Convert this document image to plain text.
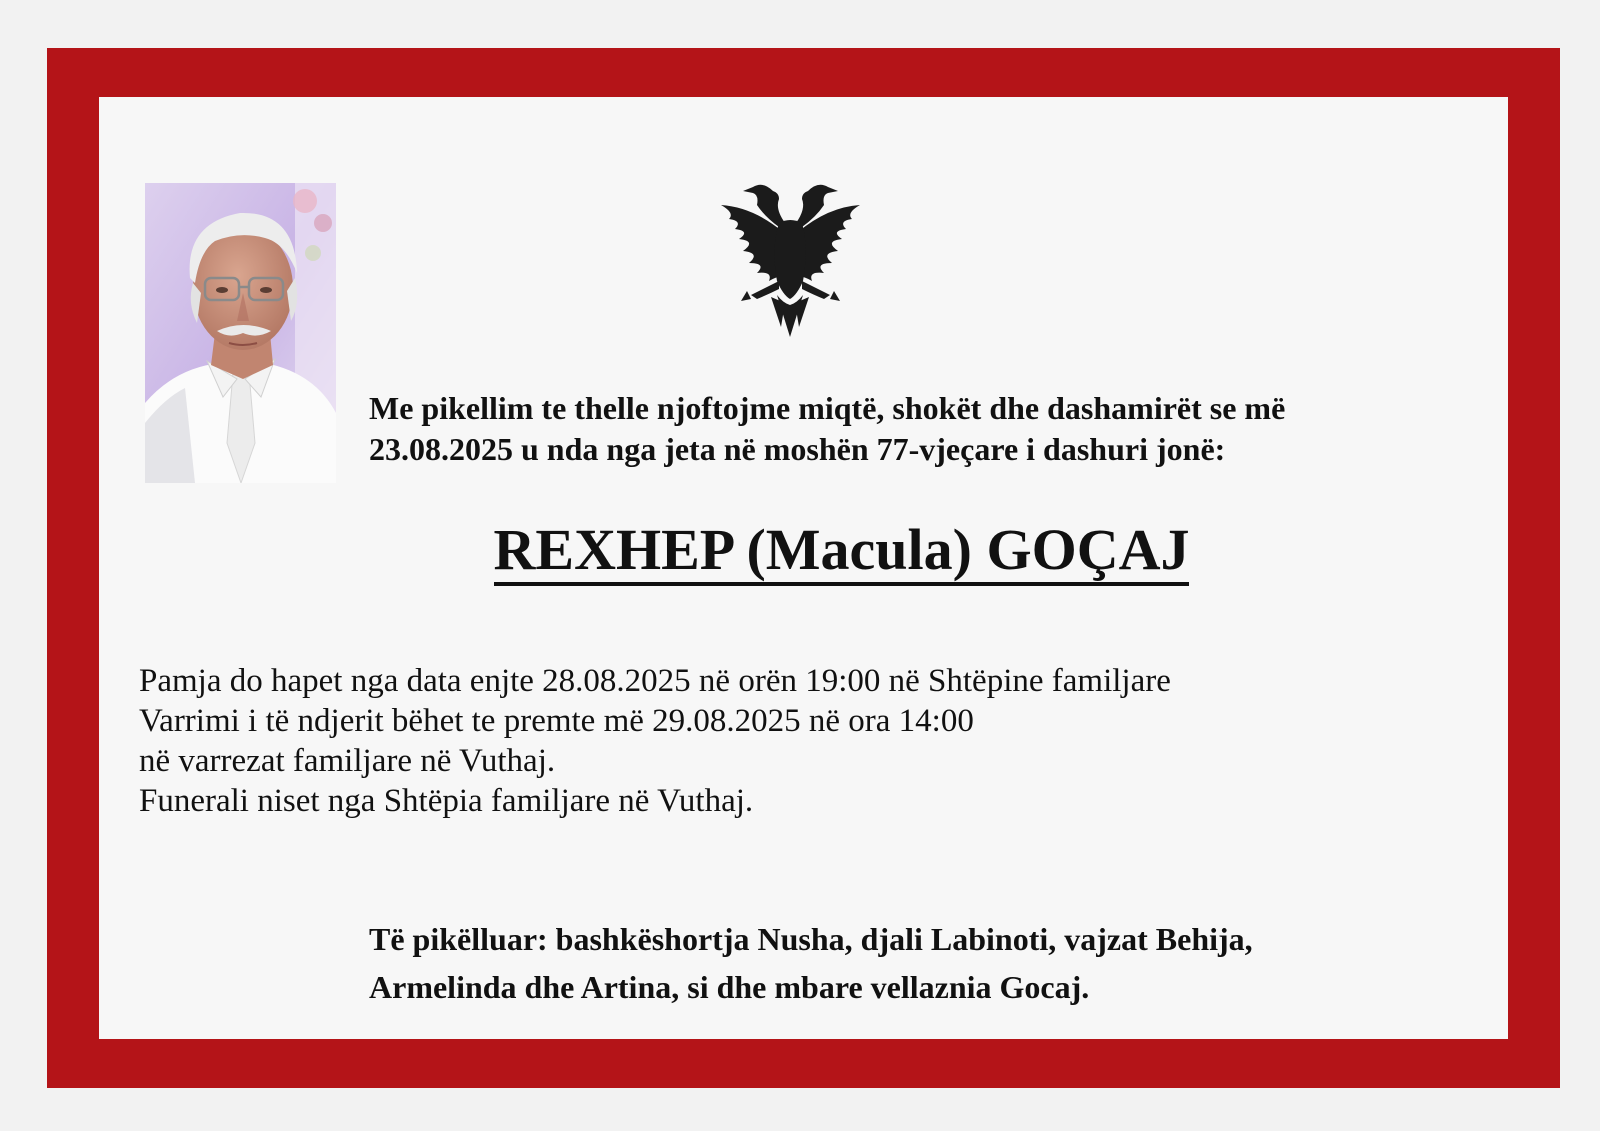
Me pikellim te thelle njoftojme miqtë, shokët dhe dashamirët se më
23.08.2025 u nda nga jeta në moshën 77-vjeçare i dashuri jonë:

REXHEP (Macula) GOÇAJ

Pamja do hapet nga data enjte 28.08.2025 në orën 19:00 në Shtëpine familjare
Varrimi i të ndjerit bëhet te premte më 29.08.2025 në ora 14:00
në varrezat familjare në Vuthaj.
Funerali niset nga Shtëpia familjare në Vuthaj.

Të pikëlluar: bashkëshortja Nusha, djali Labinoti, vajzat Behija,
Armelinda dhe Artina, si dhe mbare vellaznia Gocaj.
